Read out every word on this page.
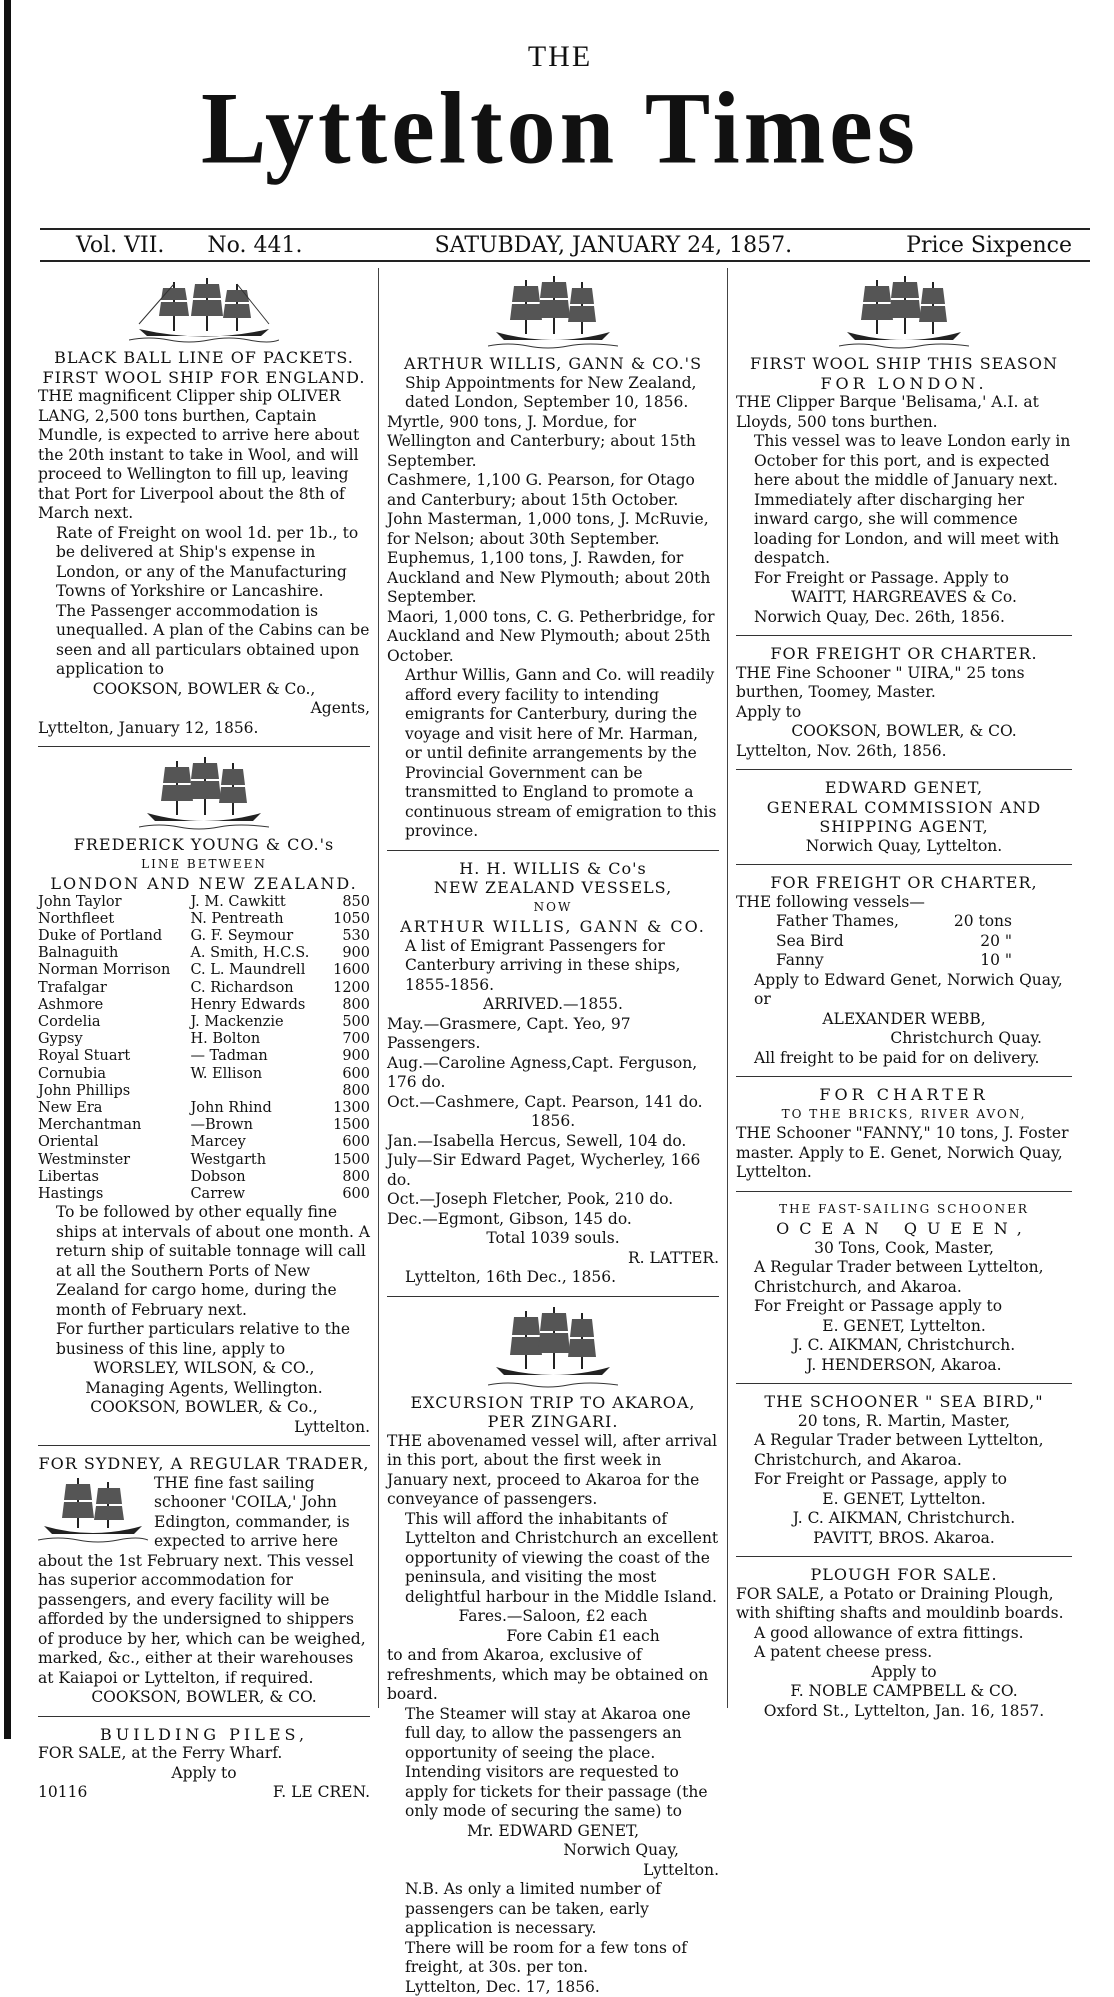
THE

Lyttelton Times

Vol. VII. No. 441.	SATUBDAY, JANUARY 24, 1857.	Price Sixpence

BLACK BALL LINE OF PACKETS.

FIRST WOOL SHIP FOR ENGLAND.

THE magnificent Clipper ship OLIVER LANG, 2,500 tons burthen, Captain Mundle, is expected to arrive here about the 20th instant to take in Wool, and will proceed to Wellington to fill up, leaving that Port for Liverpool about the 8th of March next.

Rate of Freight on wool 1d. per 1b., to be delivered at Ship's expense in London, or any of the Manufacturing Towns of Yorkshire or Lancashire.

The Passenger accommodation is unequalled. A plan of the Cabins can be seen and all particulars obtained upon application to

COOKSON, BOWLER & Co.,

Agents,

Lyttelton, January 12, 1856.

FREDERICK YOUNG & CO.'s

LINE BETWEEN

LONDON AND NEW ZEALAND.

John Taylor	J. M. Cawkitt	850
Northfleet	N. Pentreath	1050
Duke of Portland	G. F. Seymour	530
Balnaguith	A. Smith, H.C.S.	900
Norman Morrison	C. L. Maundrell	1600
Trafalgar	C. Richardson	1200
Ashmore	Henry Edwards	800
Cordelia	J. Mackenzie	500
Gypsy	H. Bolton	700
Royal Stuart	— Tadman	900
Cornubia	W. Ellison	600
John Phillips		800
New Era	John Rhind	1300
Merchantman	—Brown	1500
Oriental	Marcey	600
Westminster	Westgarth	1500
Libertas	Dobson	800
Hastings	Carrew	600

To be followed by other equally fine ships at intervals of about one month. A return ship of suitable tonnage will call at all the Southern Ports of New Zealand for cargo home, during the month of February next.

For further particulars relative to the business of this line, apply to

WORSLEY, WILSON, & CO.,

Managing Agents, Wellington.

COOKSON, BOWLER, & Co.,

Lyttelton.

FOR SYDNEY, A REGULAR TRADER,

THE fine fast sailing schooner 'COILA,' John Edington, commander, is expected to arrive here about the 1st February next. This vessel has superior accommodation for passengers, and every facility will be afforded by the undersigned to shippers of produce by her, which can be weighed, marked, &c., either at their warehouses at Kaiapoi or Lyttelton, if required.

COOKSON, BOWLER, & CO.

BUILDING PILES,

FOR SALE, at the Ferry Wharf.

Apply to

10116	F. LE CREN.

ARTHUR WILLIS, GANN & CO.'S

Ship Appointments for New Zealand, dated London, September 10, 1856.

Myrtle, 900 tons, J. Mordue, for Wellington and Canterbury; about 15th September.

Cashmere, 1,100 G. Pearson, for Otago and Canterbury; about 15th October.

John Masterman, 1,000 tons, J. McRuvie, for Nelson; about 30th September.

Euphemus, 1,100 tons, J. Rawden, for Auckland and New Plymouth; about 20th September.

Maori, 1,000 tons, C. G. Petherbridge, for Auckland and New Plymouth; about 25th October.

Arthur Willis, Gann and Co. will readily afford every facility to intending emigrants for Canterbury, during the voyage and visit here of Mr. Harman, or until definite arrangements by the Provincial Government can be transmitted to England to promote a continuous stream of emigration to this province.

H. H. WILLIS & Co's

NEW ZEALAND VESSELS,

NOW

ARTHUR WILLIS, GANN & CO.

A list of Emigrant Passengers for Canterbury arriving in these ships, 1855-1856.

ARRIVED.—1855.

May.—Grasmere, Capt. Yeo, 97 Passengers.

Aug.—Caroline Agness,Capt. Ferguson, 176 do.

Oct.—Cashmere, Capt. Pearson, 141 do.

1856.

Jan.—Isabella Hercus, Sewell, 104 do.

July—Sir Edward Paget, Wycherley, 166 do.

Oct.—Joseph Fletcher, Pook, 210 do.

Dec.—Egmont, Gibson, 145 do.

Total 1039 souls.

R. LATTER.

Lyttelton, 16th Dec., 1856.

EXCURSION TRIP TO AKAROA,

PER ZINGARI.

THE abovenamed vessel will, after arrival in this port, about the first week in January next, proceed to Akaroa for the conveyance of passengers.

This will afford the inhabitants of Lyttelton and Christchurch an excellent opportunity of viewing the coast of the peninsula, and visiting the most delightful harbour in the Middle Island.

Fares.—Saloon, £2 each

Fore Cabin £1 each

to and from Akaroa, exclusive of refreshments, which may be obtained on board.

The Steamer will stay at Akaroa one full day, to allow the passengers an opportunity of seeing the place.

Intending visitors are requested to apply for tickets for their passage (the only mode of securing the same) to

Mr. EDWARD GENET,

Norwich Quay,

Lyttelton.

N.B. As only a limited number of passengers can be taken, early application is necessary.

There will be room for a few tons of freight, at 30s. per ton.

Lyttelton, Dec. 17, 1856.

FIRST WOOL SHIP THIS SEASON

FOR LONDON.

THE Clipper Barque 'Belisama,' A.I. at Lloyds, 500 tons burthen.

This vessel was to leave London early in October for this port, and is expected here about the middle of January next. Immediately after discharging her inward cargo, she will commence loading for London, and will meet with despatch.

For Freight or Passage. Apply to

WAITT, HARGREAVES & Co.

Norwich Quay, Dec. 26th, 1856.

FOR FREIGHT OR CHARTER.

THE Fine Schooner " UIRA," 25 tons burthen, Toomey, Master.

Apply to

COOKSON, BOWLER, & CO.

Lyttelton, Nov. 26th, 1856.

EDWARD GENET,

GENERAL COMMISSION AND

SHIPPING AGENT,

Norwich Quay, Lyttelton.

FOR FREIGHT OR CHARTER,

THE following vessels—

Father Thames,	20 tons

Sea Bird	20 "

Fanny	10 "

Apply to Edward Genet, Norwich Quay, or

ALEXANDER WEBB,

Christchurch Quay.

All freight to be paid for on delivery.

FOR CHARTER

TO THE BRICKS, RIVER AVON,

THE Schooner "FANNY," 10 tons, J. Foster master. Apply to E. Genet, Norwich Quay, Lyttelton.

THE FAST-SAILING SCHOONER

OCEAN QUEEN,

30 Tons, Cook, Master,

A Regular Trader between Lyttelton, Christchurch, and Akaroa.

For Freight or Passage apply to

E. GENET, Lyttelton.

J. C. AIKMAN, Christchurch.

J. HENDERSON, Akaroa.

THE SCHOONER " SEA BIRD,"

20 tons, R. Martin, Master,

A Regular Trader between Lyttelton, Christchurch, and Akaroa.

For Freight or Passage, apply to

E. GENET, Lyttelton.

J. C. AIKMAN, Christchurch.

PAVITT, BROS. Akaroa.

PLOUGH FOR SALE.

FOR SALE, a Potato or Draining Plough, with shifting shafts and mouldinb boards.

A good allowance of extra fittings.

A patent cheese press.

Apply to

F. NOBLE CAMPBELL & CO.

Oxford St., Lyttelton, Jan. 16, 1857.
